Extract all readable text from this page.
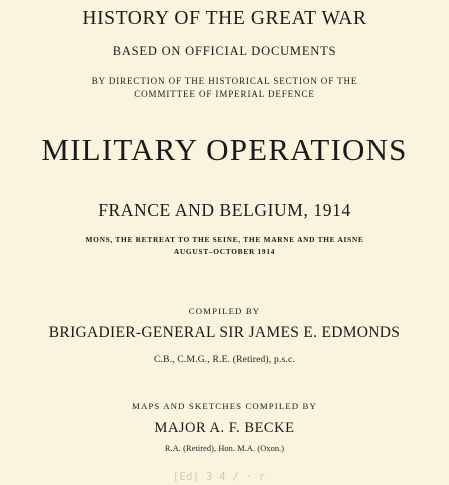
HISTORY OF THE GREAT WAR
BASED ON OFFICIAL DOCUMENTS
BY DIRECTION OF THE HISTORICAL SECTION OF THE
COMMITTEE OF IMPERIAL DEFENCE
MILITARY OPERATIONS
FRANCE AND BELGIUM, 1914
MONS, THE RETREAT TO THE SEINE, THE MARNE AND THE AISNE
AUGUST–OCTOBER 1914
COMPILED BY
BRIGADIER-GENERAL SIR JAMES E. EDMONDS
C.B., C.M.G., R.E. (Retired), p.s.c.
MAPS AND SKETCHES COMPILED BY
MAJOR A. F. BECKE
R.A. (Retired), Hon. M.A. (Oxon.)
[Ed] 3 4 / · r
